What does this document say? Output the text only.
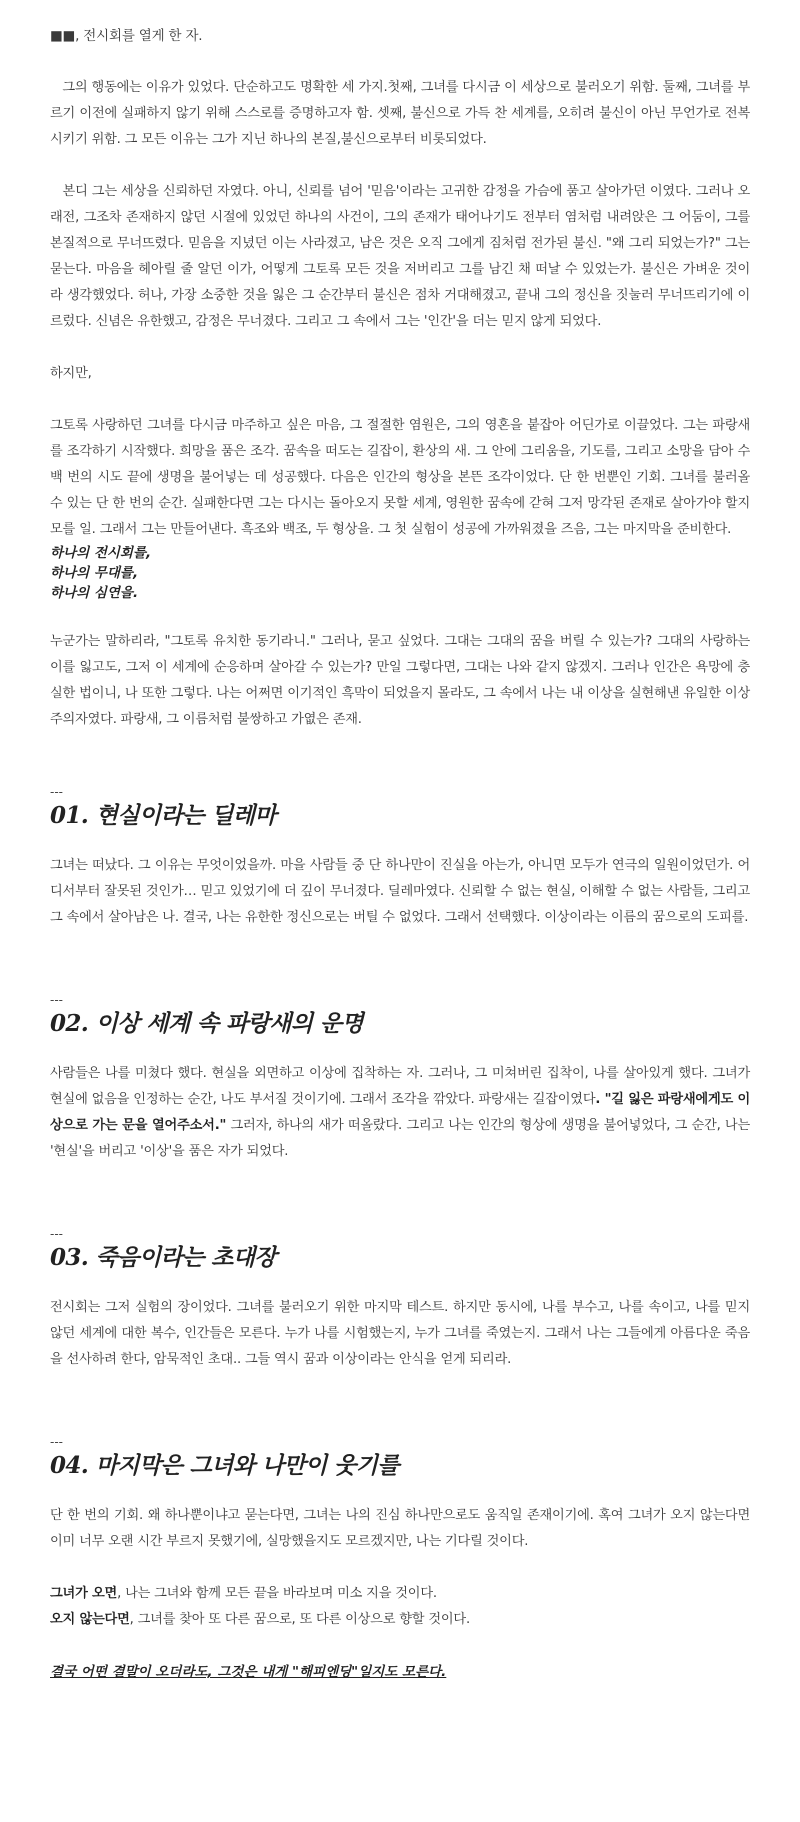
■■, 전시회를 열게 한 자.

그의 행동에는 이유가 있었다. 단순하고도 명확한 세 가지.첫째, 그녀를 다시금 이 세상으로 불러오기 위함. 둘째, 그녀를 부르기 이전에 실패하지 않기 위해 스스로를 증명하고자 함. 셋째, 불신으로 가득 찬 세계를, 오히려 불신이 아닌 무언가로 전복시키기 위함. 그 모든 이유는 그가 지닌 하나의 본질,불신으로부터 비롯되었다.

본디 그는 세상을 신뢰하던 자였다. 아니, 신뢰를 넘어 '믿음'이라는 고귀한 감정을 가슴에 품고 살아가던 이였다. 그러나 오래전, 그조차 존재하지 않던 시절에 있었던 하나의 사건이, 그의 존재가 태어나기도 전부터 염처럼 내려앉은 그 어둠이, 그를 본질적으로 무너뜨렸다. 믿음을 지녔던 이는 사라졌고, 남은 것은 오직 그에게 짐처럼 전가된 불신. "왜 그리 되었는가?" 그는 묻는다. 마음을 헤아릴 줄 알던 이가, 어떻게 그토록 모든 것을 저버리고 그를 남긴 채 떠날 수 있었는가. 불신은 가벼운 것이라 생각했었다. 허나, 가장 소중한 것을 잃은 그 순간부터 불신은 점차 거대해졌고, 끝내 그의 정신을 짓눌러 무너뜨리기에 이르렀다. 신념은 유한했고, 감정은 무너졌다. 그리고 그 속에서 그는 '인간'을 더는 믿지 않게 되었다.

하지만,

그토록 사랑하던 그녀를 다시금 마주하고 싶은 마음, 그 절절한 염원은, 그의 영혼을 붙잡아 어딘가로 이끌었다. 그는 파랑새를 조각하기 시작했다. 희망을 품은 조각. 꿈속을 떠도는 길잡이, 환상의 새. 그 안에 그리움을, 기도를, 그리고 소망을 담아 수백 번의 시도 끝에 생명을 불어넣는 데 성공했다. 다음은 인간의 형상을 본뜬 조각이었다. 단 한 번뿐인 기회. 그녀를 불러올 수 있는 단 한 번의 순간. 실패한다면 그는 다시는 돌아오지 못할 세계, 영원한 꿈속에 갇혀 그저 망각된 존재로 살아가야 할지 모를 일. 그래서 그는 만들어낸다. 흑조와 백조, 두 형상을. 그 첫 실험이 성공에 가까워졌을 즈음, 그는 마지막을 준비한다.

하나의 전시회를,
하나의 무대를,
하나의 심연을.

누군가는 말하리라, "그토록 유치한 동기라니." 그러나, 묻고 싶었다. 그대는 그대의 꿈을 버릴 수 있는가? 그대의 사랑하는 이를 잃고도, 그저 이 세계에 순응하며 살아갈 수 있는가? 만일 그렇다면, 그대는 나와 같지 않겠지. 그러나 인간은 욕망에 충실한 법이니, 나 또한 그렇다. 나는 어쩌면 이기적인 흑막이 되었을지 몰라도, 그 속에서 나는 내 이상을 실현해낸 유일한 이상주의자였다. 파랑새, 그 이름처럼 불쌍하고 가엾은 존재.

---

01. 현실이라는 딜레마

그녀는 떠났다. 그 이유는 무엇이었을까. 마을 사람들 중 단 하나만이 진실을 아는가, 아니면 모두가 연극의 일원이었던가. 어디서부터 잘못된 것인가… 믿고 있었기에 더 깊이 무너졌다. 딜레마였다. 신뢰할 수 없는 현실, 이해할 수 없는 사람들, 그리고 그 속에서 살아남은 나. 결국, 나는 유한한 정신으로는 버틸 수 없었다. 그래서 선택했다. 이상이라는 이름의 꿈으로의 도피를.

---

02. 이상 세계 속 파랑새의 운명

사람들은 나를 미쳤다 했다. 현실을 외면하고 이상에 집착하는 자. 그러나, 그 미쳐버린 집착이, 나를 살아있게 했다. 그녀가 현실에 없음을 인정하는 순간, 나도 부서질 것이기에. 그래서 조각을 깎았다. 파랑새는 길잡이였다. "길 잃은 파랑새에게도 이상으로 가는 문을 열어주소서." 그러자, 하나의 새가 떠올랐다. 그리고 나는 인간의 형상에 생명을 불어넣었다, 그 순간, 나는 '현실'을 버리고 '이상'을 품은 자가 되었다.

---

03. 죽음이라는 초대장

전시회는 그저 실험의 장이었다. 그녀를 불러오기 위한 마지막 테스트. 하지만 동시에, 나를 부수고, 나를 속이고, 나를 믿지 않던 세계에 대한 복수, 인간들은 모른다. 누가 나를 시험했는지, 누가 그녀를 죽였는지. 그래서 나는 그들에게 아름다운 죽음을 선사하려 한다, 암묵적인 초대.. 그들 역시 꿈과 이상이라는 안식을 얻게 되리라.

---

04. 마지막은 그녀와 나만이 웃기를

단 한 번의 기회. 왜 하나뿐이냐고 묻는다면, 그녀는 나의 진심 하나만으로도 움직일 존재이기에. 혹여 그녀가 오지 않는다면 이미 너무 오랜 시간 부르지 못했기에, 실망했을지도 모르겠지만, 나는 기다릴 것이다.

그녀가 오면, 나는 그녀와 함께 모든 끝을 바라보며 미소 지을 것이다.

오지 않는다면, 그녀를 찾아 또 다른 꿈으로, 또 다른 이상으로 향할 것이다.

결국 어떤 결말이 오더라도, 그것은 내게 "해피엔딩"일지도 모른다.
